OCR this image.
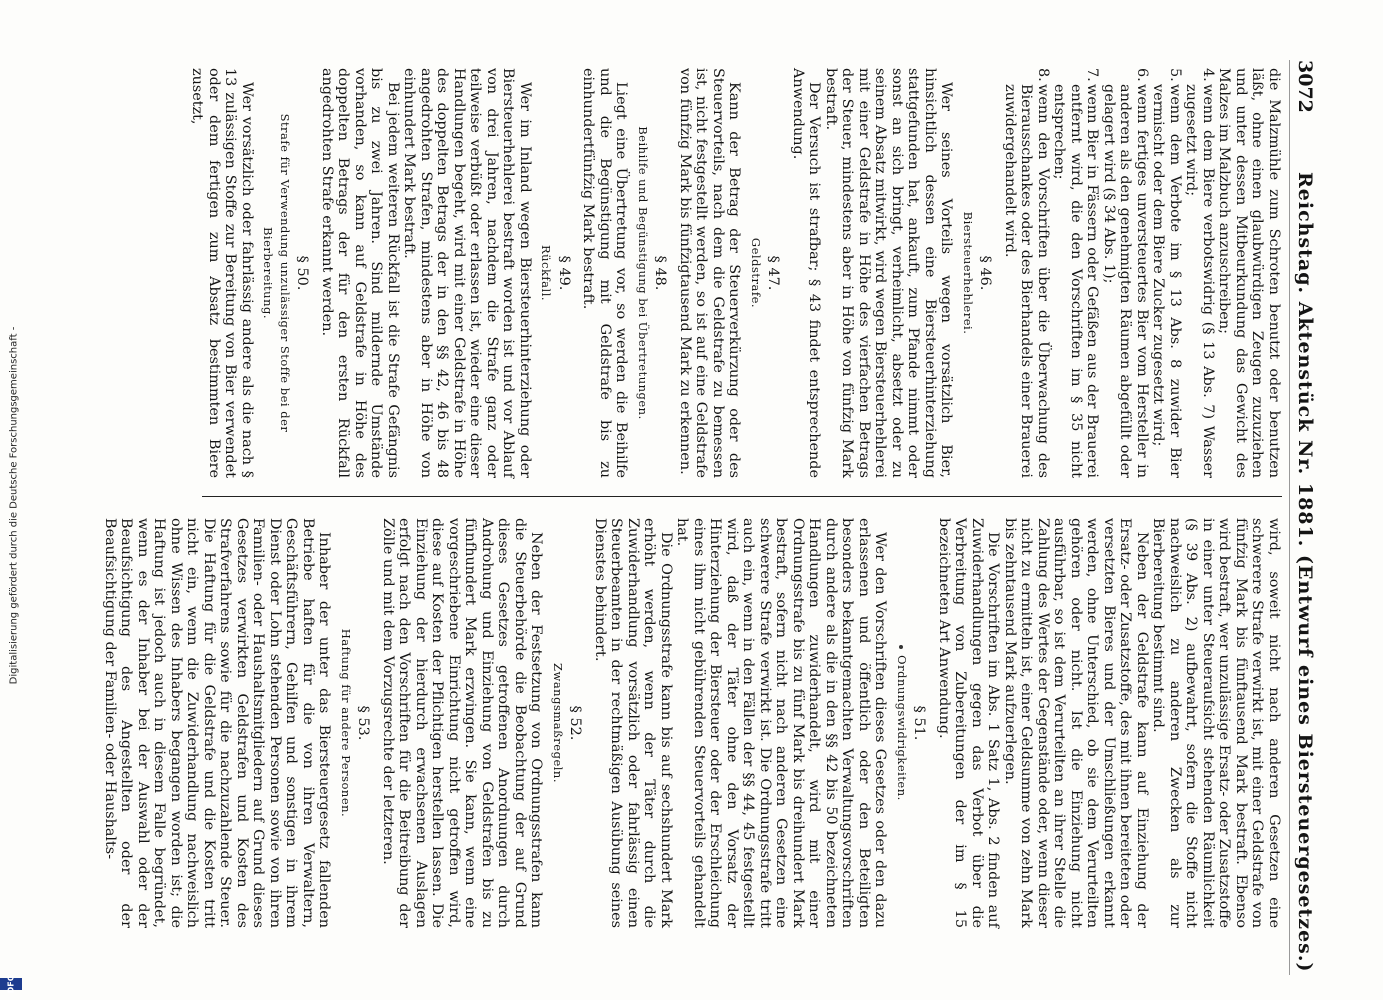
3072
Reichstag. Aktenstück Nr. 1881. (Entwurf eines Biersteuergesetzes.)

die Malzmühle zum Schroten benutzt oder benutzen läßt, ohne einen glaubwürdigen Zeugen zuzuziehen und unter dessen Mitbeurkundung das Gewicht des Malzes im Malzbuch anzuschreiben;

4.wenn dem Biere verbotswidrig (§ 13 Abs. 7) Wasser zugesetzt wird;

5.wenn dem Verbote im § 13 Abs. 8 zuwider Bier vermischt oder dem Biere Zucker zugesetzt wird;

6.wenn fertiges unversteuertes Bier vom Hersteller in anderen als den genehmigten Räumen abgefüllt oder gelagert wird (§ 34 Abs. 1);

7.wenn Bier in Fässern oder Gefäßen aus der Brauerei entfernt wird, die den Vorschriften im § 35 nicht entsprechen;

8.wenn den Vorschriften über die Überwachung des Bierausschankes oder des Bierhandels einer Brauerei zuwidergehandelt wird.

§ 46.
Biersteuerhehlerei.

Wer seines Vorteils wegen vorsätzlich Bier, hinsichtlich dessen eine Biersteuerhinterziehung stattgefunden hat, ankauft, zum Pfande nimmt oder sonst an sich bringt, verheimlicht, absetzt oder zu seinem Absatz mitwirkt, wird wegen Biersteuerhehlerei mit einer Geldstrafe in Höhe des vierfachen Betrags der Steuer, mindestens aber in Höhe von fünfzig Mark bestraft.

Der Versuch ist strafbar; § 43 findet entsprechende Anwendung.

§ 47.
Geldstrafe.

Kann der Betrag der Steuerverkürzung oder des Steuervorteils, nach dem die Geldstrafe zu bemessen ist, nicht festgestellt werden, so ist auf eine Geldstrafe von fünfzig Mark bis fünfzigtausend Mark zu erkennen.

§ 48.
Beihilfe und Begünstigung bei Übertretungen.

Liegt eine Übertretung vor, so werden die Beihilfe und die Begünstigung mit Geldstrafe bis zu einhundertfünfzig Mark bestraft.

§ 49.
Rückfall.

Wer im Inland wegen Biersteuerhinterziehung oder Biersteuerhehlerei bestraft worden ist und vor Ablauf von drei Jahren, nachdem die Strafe ganz oder teilweise verbüßt oder erlassen ist, wieder eine dieser Handlungen begeht, wird mit einer Geldstrafe in Höhe des doppelten Betrags der in den §§ 42, 46 bis 48 angedrohten Strafen, mindestens aber in Höhe von einhundert Mark bestraft.

Bei jedem weiteren Rückfall ist die Strafe Gefängnis bis zu zwei Jahren. Sind mildernde Umstände vorhanden, so kann auf Geldstrafe in Höhe des doppelten Betrags der für den ersten Rückfall angedrohten Strafe erkannt werden.

§ 50.
Strafe für Verwendung unzulässiger Stoffe bei der Bierbereitung.

Wer vorsätzlich oder fahrlässig andere als die nach § 13 zulässigen Stoffe zur Bereitung von Bier verwendet oder dem fertigen zum Absatz bestimmten Biere zusetzt,

wird, soweit nicht nach anderen Gesetzen eine schwerere Strafe verwirkt ist, mit einer Geldstrafe von fünfzig Mark bis fünftausend Mark bestraft. Ebenso wird bestraft, wer unzulässige Ersatz- oder Zusatzstoffe in einer unter Steueraufsicht stehenden Räumlichkeit (§ 39 Abs. 2) aufbewahrt, sofern die Stoffe nicht nachweislich zu anderen Zwecken als zur Bierbereitung bestimmt sind.

Neben der Geldstrafe kann auf Einziehung der Ersatz- oder Zusatzstoffe, des mit ihnen bereiteten oder versetzten Bieres und der Umschließungen erkannt werden, ohne Unterschied, ob sie dem Verurteilten gehören oder nicht. Ist die Einziehung nicht ausführbar, so ist dem Verurteilten an ihrer Stelle die Zahlung des Wertes der Gegenstände oder, wenn dieser nicht zu ermitteln ist, einer Geldsumme von zehn Mark bis zehntausend Mark aufzuerlegen.

Die Vorschriften im Abs. 1 Satz 1, Abs. 2 finden auf Zuwiderhandlungen gegen das Verbot über die Verbreitung von Zubereitungen der im § 15 bezeichneten Art Anwendung.

§ 51.
Ordnungswidrigkeiten.

Wer den Vorschriften dieses Gesetzes oder den dazu erlassenen und öffentlich oder den Beteiligten besonders bekanntgemachten Verwaltungsvorschriften durch andere als die in den §§ 42 bis 50 bezeichneten Handlungen zuwiderhandelt, wird mit einer Ordnungsstrafe bis zu fünf Mark bis dreihundert Mark bestraft, sofern nicht nach anderen Gesetzen eine schwerere Strafe verwirkt ist. Die Ordnungsstrafe tritt auch ein, wenn in den Fällen der §§ 44, 45 festgestellt wird, daß der Täter ohne den Vorsatz der Hinterziehung der Biersteuer oder der Erschleichung eines ihm nicht gebührenden Steuervorteils gehandelt hat.

Die Ordnungsstrafe kann bis auf sechshundert Mark erhöht werden, wenn der Täter durch die Zuwiderhandlung vorsätzlich oder fahrlässig einen Steuerbeamten in der rechtmäßigen Ausübung seines Dienstes behindert.

§ 52.
Zwangsmaßregeln.

Neben der Festsetzung von Ordnungsstrafen kann die Steuerbehörde die Beobachtung der auf Grund dieses Gesetzes getroffenen Anordnungen durch Androhung und Einziehung von Geldstrafen bis zu fünfhundert Mark erzwingen. Sie kann, wenn eine vorgeschriebene Einrichtung nicht getroffen wird, diese auf Kosten der Pflichtigen herstellen lassen. Die Einziehung der hierdurch erwachsenen Auslagen erfolgt nach den Vorschriften für die Beitreibung der Zölle und mit dem Vorzugsrechte der letzteren.

§ 53.
Haftung für andere Personen.

Inhaber der unter das Biersteuergesetz fallenden Betriebe haften für die von ihren Verwaltern, Geschäftsführern, Gehilfen und sonstigen in ihrem Dienst oder Lohn stehenden Personen sowie von ihren Familien- oder Haushaltsmitgliedern auf Grund dieses Gesetzes verwirkten Geldstrafen und Kosten des Strafverfahrens sowie für die nachzuzahlende Steuer. Die Haftung für die Geldstrafe und die Kosten tritt nicht ein, wenn die Zuwiderhandlung nachweislich ohne Wissen des Inhabers begangen worden ist; die Haftung ist jedoch auch in diesem Falle begründet, wenn es der Inhaber bei der Auswahl oder der Beaufsichtigung des Angestellten oder der Beaufsichtigung der Familien- oder Haushalts-

Digitalisierung gefördert durch die Deutsche Forschungsgemeinschaft -
DFG
